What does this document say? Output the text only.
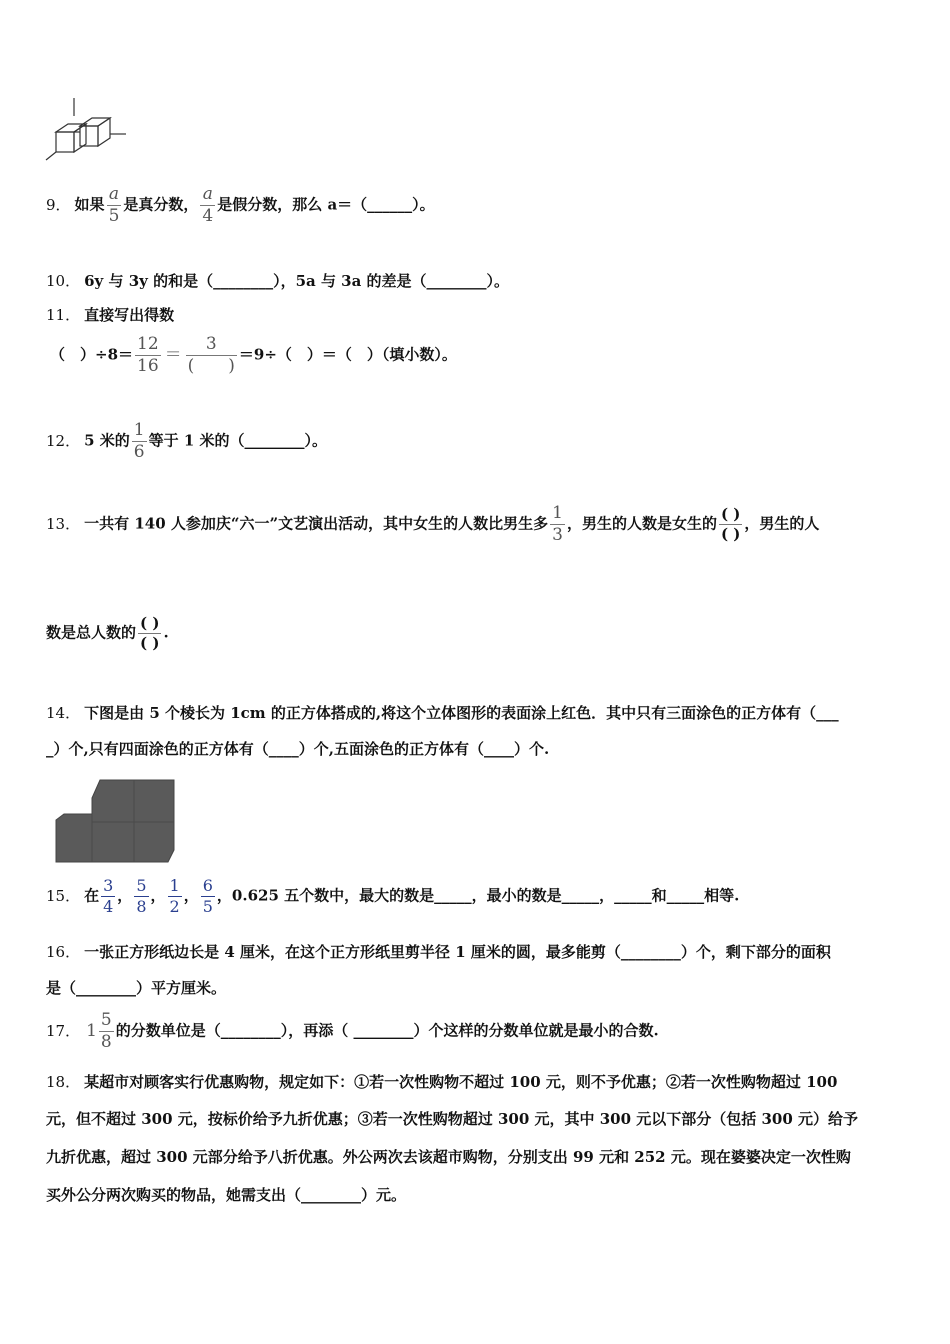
9． 如果 $\frac{a}{5}$ 是真分数， $\frac{a}{4}$ 是假分数，那么 a＝（______）。
10． 6y 与 3y 的和是（________），5a 与 3a 的差是（________）。
11． 直接写出得数
（　）$\div 8= \frac{12}{16} = \frac{3}{( )} =9\div$（　）＝（　）（填小数）。
12． 5 米的 $\frac{1}{6}$ 等于 1 米的（________）。
13． 一共有 140 人参加庆“六一”文艺演出活动，其中女生的人数比男生多 $\frac{1}{3}$ ，男生的人数是女生的 $\frac{( )}{( )}$ ，男生的人
数是总人数的 $\frac{( )}{( )}$ .
14． 下图是由 5 个棱长为 1cm 的正方体搭成的,将这个立体图形的表面涂上红色．其中只有三面涂色的正方体有（___
_）个,只有四面涂色的正方体有（____）个,五面涂色的正方体有（____）个.
15． 在 $\frac{3}{4}$ ， $\frac{5}{8}$ ， $\frac{1}{2}$ ， $\frac{6}{5}$ ，0.625 五个数中，最大的数是_____，最小的数是_____，_____和_____相等.
16． 一张正方形纸边长是 4 厘米，在这个正方形纸里剪半径 1 厘米的圆，最多能剪（________）个，剩下部分的面积
是（________）平方厘米。
17． $1 \frac{5}{8}$ 的分数单位是（________），再添（ ________）个这样的分数单位就是最小的合数.
18． 某超市对顾客实行优惠购物，规定如下：①若一次性购物不超过 100 元，则不予优惠；②若一次性购物超过 100
元，但不超过 300 元，按标价给予九折优惠；③若一次性购物超过 300 元，其中 300 元以下部分（包括 300 元）给予
九折优惠，超过 300 元部分给予八折优惠。外公两次去该超市购物，分别支出 99 元和 252 元。现在婆婆决定一次性购
买外公分两次购买的物品，她需支出（________）元。
